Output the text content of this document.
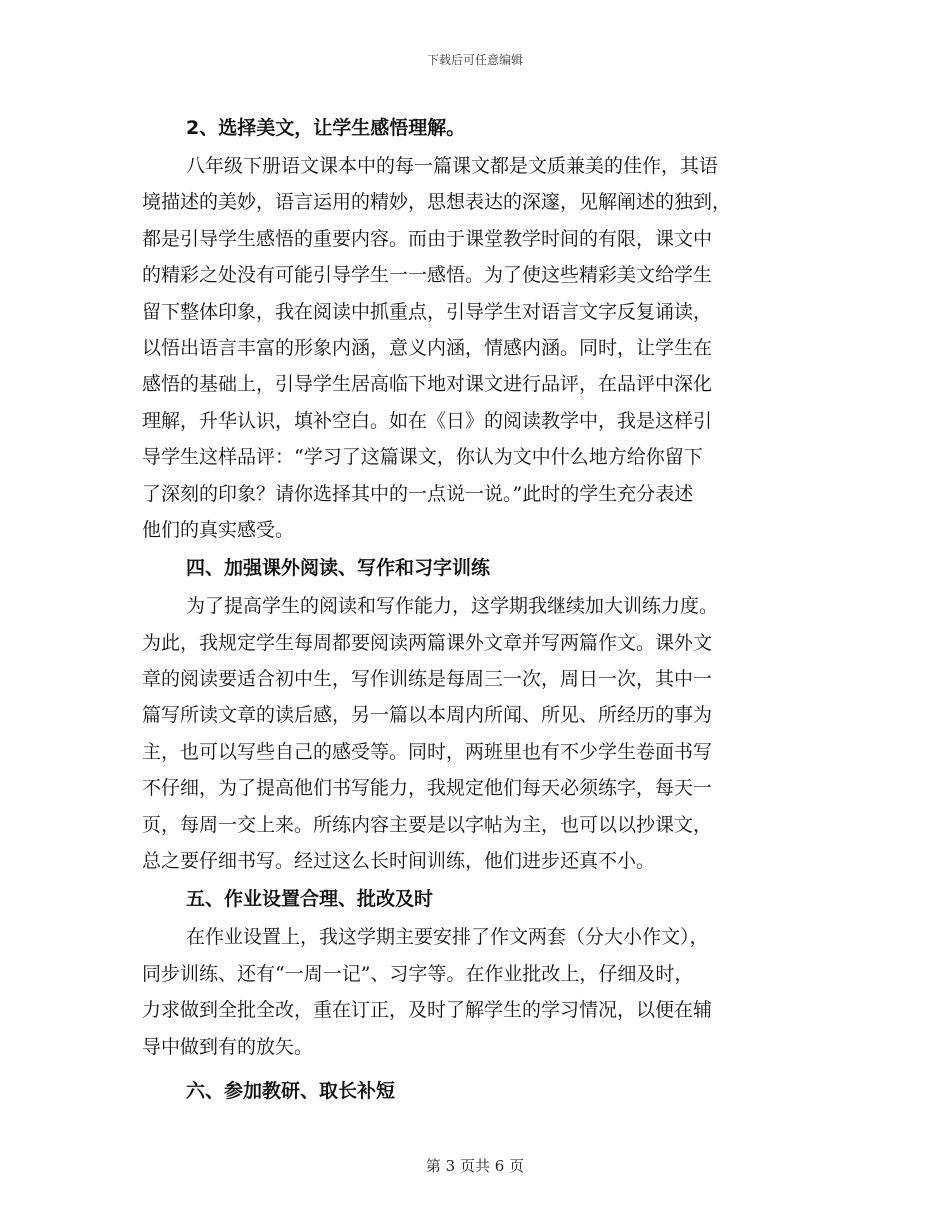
下载后可任意编辑
2、选择美文，让学生感悟理解。
八年级下册语文课本中的每一篇课文都是文质兼美的佳作，其语
境描述的美妙，语言运用的精妙，思想表达的深邃，见解阐述的独到，
都是引导学生感悟的重要内容。而由于课堂教学时间的有限，课文中
的精彩之处没有可能引导学生一一感悟。为了使这些精彩美文给学生
留下整体印象，我在阅读中抓重点，引导学生对语言文字反复诵读，
以悟出语言丰富的形象内涵，意义内涵，情感内涵。同时，让学生在
感悟的基础上，引导学生居高临下地对课文进行品评，在品评中深化
理解，升华认识，填补空白。如在《日》的阅读教学中，我是这样引
导学生这样品评：“学习了这篇课文，你认为文中什么地方给你留下
了深刻的印象？请你选择其中的一点说一说。”此时的学生充分表述
他们的真实感受。
四、加强课外阅读、写作和习字训练
为了提高学生的阅读和写作能力，这学期我继续加大训练力度。
为此，我规定学生每周都要阅读两篇课外文章并写两篇作文。课外文
章的阅读要适合初中生，写作训练是每周三一次，周日一次，其中一
篇写所读文章的读后感，另一篇以本周内所闻、所见、所经历的事为
主，也可以写些自己的感受等。同时，两班里也有不少学生卷面书写
不仔细，为了提高他们书写能力，我规定他们每天必须练字，每天一
页，每周一交上来。所练内容主要是以字帖为主，也可以以抄课文，
总之要仔细书写。经过这么长时间训练，他们进步还真不小。
五、作业设置合理、批改及时
在作业设置上，我这学期主要安排了作文两套（分大小作文），
同步训练、还有“一周一记”、习字等。在作业批改上，仔细及时，
力求做到全批全改，重在订正，及时了解学生的学习情况，以便在辅
导中做到有的放矢。
六、参加教研、取长补短
第 3 页共 6 页
